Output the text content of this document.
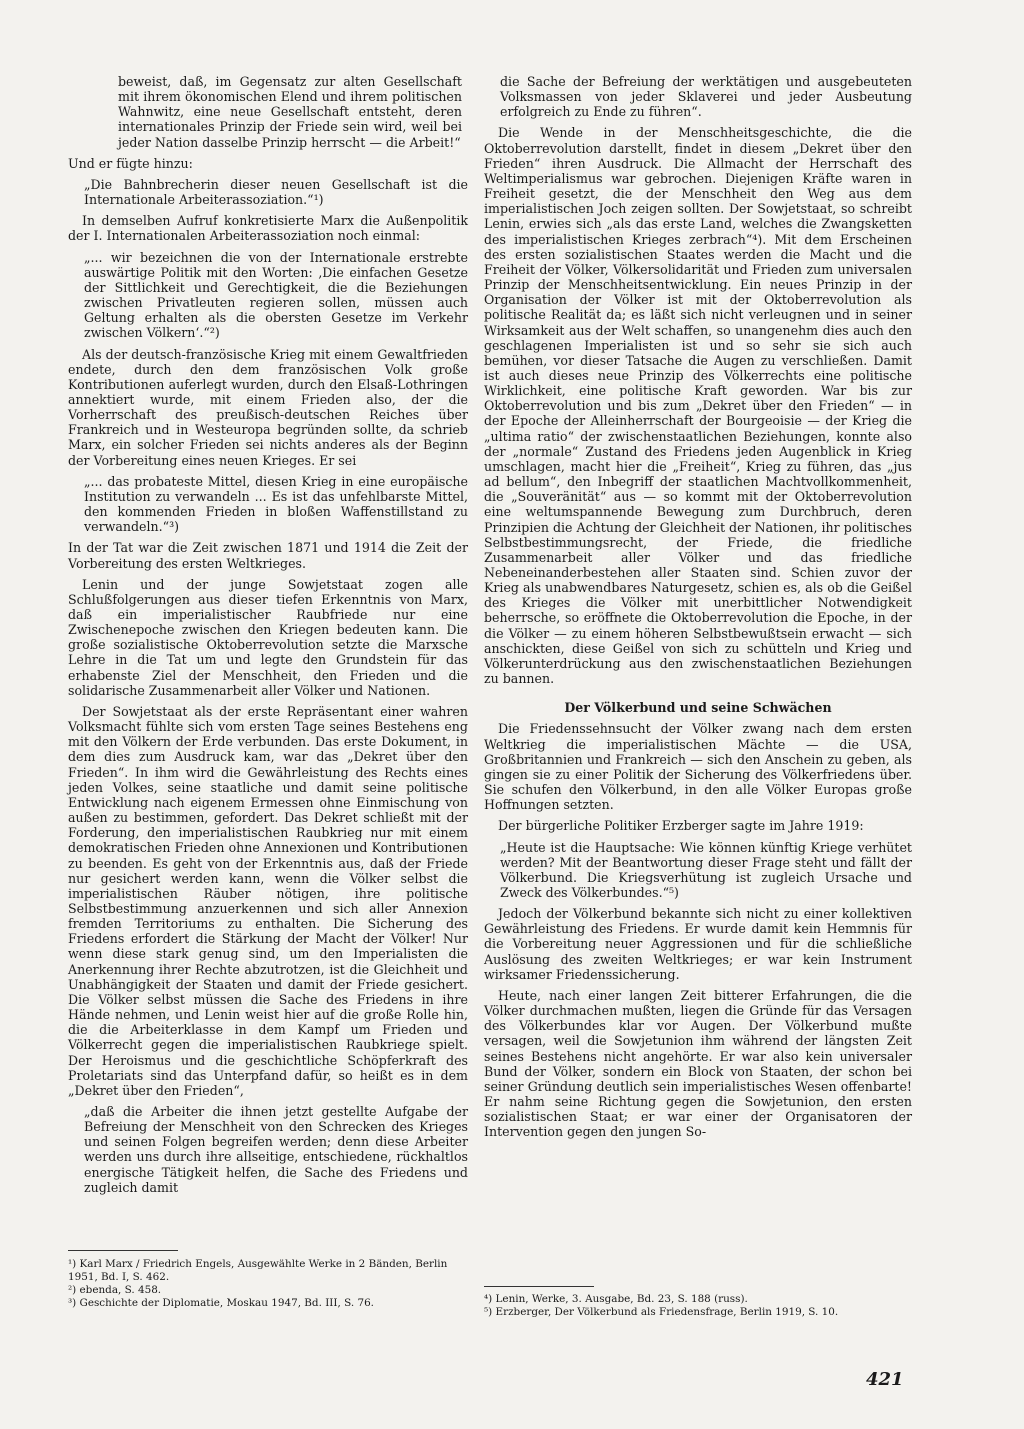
beweist, daß, im Gegensatz zur alten Gesellschaft mit ihrem ökonomischen Elend und ihrem politischen Wahnwitz, eine neue Gesellschaft entsteht, deren internationales Prinzip der Friede sein wird, weil bei jeder Nation dasselbe Prinzip herrscht — die Arbeit!“

Und er fügte hinzu:

„Die Bahnbrecherin dieser neuen Gesellschaft ist die Internationale Arbeiterassoziation.“¹)

In demselben Aufruf konkretisierte Marx die Außenpolitik der I. Internationalen Arbeiterassoziation noch einmal:

„... wir bezeichnen die von der Internationale erstrebte auswärtige Politik mit den Worten: ‚Die einfachen Gesetze der Sittlichkeit und Gerechtigkeit, die die Beziehungen zwischen Privatleuten regieren sollen, müssen auch Geltung erhalten als die obersten Gesetze im Verkehr zwischen Völkern‘.“²)

Als der deutsch-französische Krieg mit einem Gewaltfrieden endete, durch den dem französischen Volk große Kontributionen auferlegt wurden, durch den Elsaß-Lothringen annektiert wurde, mit einem Frieden also, der die Vorherrschaft des preußisch-deutschen Reiches über Frankreich und in Westeuropa begründen sollte, da schrieb Marx, ein solcher Frieden sei nichts anderes als der Beginn der Vorbereitung eines neuen Krieges. Er sei

„... das probateste Mittel, diesen Krieg in eine europäische Institution zu verwandeln ... Es ist das unfehlbarste Mittel, den kommenden Frieden in bloßen Waffenstillstand zu verwandeln.“³)

In der Tat war die Zeit zwischen 1871 und 1914 die Zeit der Vorbereitung des ersten Weltkrieges.

Lenin und der junge Sowjetstaat zogen alle Schlußfolgerungen aus dieser tiefen Erkenntnis von Marx, daß ein imperialistischer Raubfriede nur eine Zwischenepoche zwischen den Kriegen bedeuten kann. Die große sozialistische Oktoberrevolution setzte die Marxsche Lehre in die Tat um und legte den Grundstein für das erhabenste Ziel der Menschheit, den Frieden und die solidarische Zusammenarbeit aller Völker und Nationen.

Der Sowjetstaat als der erste Repräsentant einer wahren Volksmacht fühlte sich vom ersten Tage seines Bestehens eng mit den Völkern der Erde verbunden. Das erste Dokument, in dem dies zum Ausdruck kam, war das „Dekret über den Frieden“. In ihm wird die Gewährleistung des Rechts eines jeden Volkes, seine staatliche und damit seine politische Entwicklung nach eigenem Ermessen ohne Einmischung von außen zu bestimmen, gefordert. Das Dekret schließt mit der Forderung, den imperialistischen Raubkrieg nur mit einem demokratischen Frieden ohne Annexionen und Kontributionen zu beenden. Es geht von der Erkenntnis aus, daß der Friede nur gesichert werden kann, wenn die Völker selbst die imperialistischen Räuber nötigen, ihre politische Selbstbestimmung anzuerkennen und sich aller Annexion fremden Territoriums zu enthalten. Die Sicherung des Friedens erfordert die Stärkung der Macht der Völker! Nur wenn diese stark genug sind, um den Imperialisten die Anerkennung ihrer Rechte abzutrotzen, ist die Gleichheit und Unabhängigkeit der Staaten und damit der Friede gesichert. Die Völker selbst müssen die Sache des Friedens in ihre Hände nehmen, und Lenin weist hier auf die große Rolle hin, die die Arbeiterklasse in dem Kampf um Frieden und Völkerrecht gegen die imperialistischen Raubkriege spielt. Der Heroismus und die geschichtliche Schöpferkraft des Proletariats sind das Unterpfand dafür, so heißt es in dem „Dekret über den Frieden“,

„daß die Arbeiter die ihnen jetzt gestellte Aufgabe der Befreiung der Menschheit von den Schrecken des Krieges und seinen Folgen begreifen werden; denn diese Arbeiter werden uns durch ihre allseitige, entschiedene, rückhaltlos energische Tätigkeit helfen, die Sache des Friedens und zugleich damit

die Sache der Befreiung der werktätigen und ausgebeuteten Volksmassen von jeder Sklaverei und jeder Ausbeutung erfolgreich zu Ende zu führen“.

Die Wende in der Menschheitsgeschichte, die die Oktoberrevolution darstellt, findet in diesem „Dekret über den Frieden“ ihren Ausdruck. Die Allmacht der Herrschaft des Weltimperialismus war gebrochen. Diejenigen Kräfte waren in Freiheit gesetzt, die der Menschheit den Weg aus dem imperialistischen Joch zeigen sollten. Der Sowjetstaat, so schreibt Lenin, erwies sich „als das erste Land, welches die Zwangsketten des imperialistischen Krieges zerbrach“⁴). Mit dem Erscheinen des ersten sozialistischen Staates werden die Macht und die Freiheit der Völker, Völkersolidarität und Frieden zum universalen Prinzip der Menschheitsentwicklung. Ein neues Prinzip in der Organisation der Völker ist mit der Oktoberrevolution als politische Realität da; es läßt sich nicht verleugnen und in seiner Wirksamkeit aus der Welt schaffen, so unangenehm dies auch den geschlagenen Imperialisten ist und so sehr sie sich auch bemühen, vor dieser Tatsache die Augen zu verschließen. Damit ist auch dieses neue Prinzip des Völkerrechts eine politische Wirklichkeit, eine politische Kraft geworden. War bis zur Oktoberrevolution und bis zum „Dekret über den Frieden“ — in der Epoche der Alleinherrschaft der Bourgeoisie — der Krieg die „ultima ratio“ der zwischenstaatlichen Beziehungen, konnte also der „normale“ Zustand des Friedens jeden Augenblick in Krieg umschlagen, macht hier die „Freiheit“, Krieg zu führen, das „jus ad bellum“, den Inbegriff der staatlichen Machtvollkommenheit, die „Souveränität“ aus — so kommt mit der Oktoberrevolution eine weltumspannende Bewegung zum Durchbruch, deren Prinzipien die Achtung der Gleichheit der Nationen, ihr politisches Selbstbestimmungsrecht, der Friede, die friedliche Zusammenarbeit aller Völker und das friedliche Nebeneinanderbestehen aller Staaten sind. Schien zuvor der Krieg als unabwendbares Naturgesetz, schien es, als ob die Geißel des Krieges die Völker mit unerbittlicher Notwendigkeit beherrsche, so eröffnete die Oktoberrevolution die Epoche, in der die Völker — zu einem höheren Selbstbewußtsein erwacht — sich anschickten, diese Geißel von sich zu schütteln und Krieg und Völkerunterdrückung aus den zwischenstaatlichen Beziehungen zu bannen.

Der Völkerbund und seine Schwächen

Die Friedenssehnsucht der Völker zwang nach dem ersten Weltkrieg die imperialistischen Mächte — die USA, Großbritannien und Frankreich — sich den Anschein zu geben, als gingen sie zu einer Politik der Sicherung des Völkerfriedens über. Sie schufen den Völkerbund, in den alle Völker Europas große Hoffnungen setzten.

Der bürgerliche Politiker Erzberger sagte im Jahre 1919:

„Heute ist die Hauptsache: Wie können künftig Kriege verhütet werden? Mit der Beantwortung dieser Frage steht und fällt der Völkerbund. Die Kriegsverhütung ist zugleich Ursache und Zweck des Völkerbundes.“⁵)

Jedoch der Völkerbund bekannte sich nicht zu einer kollektiven Gewährleistung des Friedens. Er wurde damit kein Hemmnis für die Vorbereitung neuer Aggressionen und für die schließliche Auslösung des zweiten Weltkrieges; er war kein Instrument wirksamer Friedenssicherung.

Heute, nach einer langen Zeit bitterer Erfahrungen, die die Völker durchmachen mußten, liegen die Gründe für das Versagen des Völkerbundes klar vor Augen. Der Völkerbund mußte versagen, weil die Sowjetunion ihm während der längsten Zeit seines Bestehens nicht angehörte. Er war also kein universaler Bund der Völker, sondern ein Block von Staaten, der schon bei seiner Gründung deutlich sein imperialistisches Wesen offenbarte! Er nahm seine Richtung gegen die Sowjetunion, den ersten sozialistischen Staat; er war einer der Organisatoren der Intervention gegen den jungen So-

¹) Karl Marx / Friedrich Engels, Ausgewählte Werke in 2 Bänden, Berlin 1951, Bd. I, S. 462.
²) ebenda, S. 458.
³) Geschichte der Diplomatie, Moskau 1947, Bd. III, S. 76.	⁴) Lenin, Werke, 3. Ausgabe, Bd. 23, S. 188 (russ).
⁵) Erzberger, Der Völkerbund als Friedensfrage, Berlin 1919, S. 10.
421
